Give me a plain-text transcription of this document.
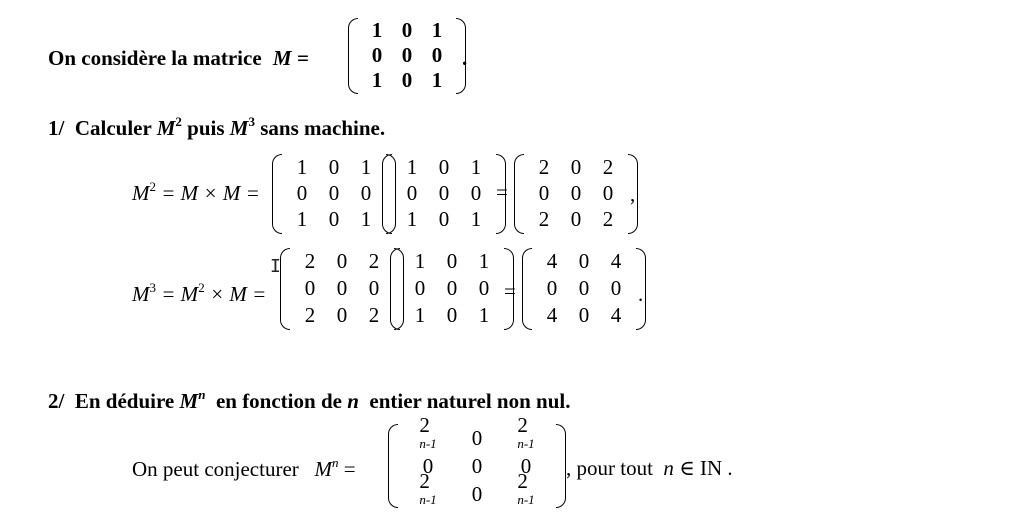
On considère la matrice M =
1 0 1
0 0 0
1 0 1
.
1/ Calculer $M^2$ puis $M^3$ sans machine.
$M^2 = M \times M$ =
1 0 1
0 0 0
1 0 1
1 0 1
0 0 0
1 0 1
=
2 0 2
0 0 0
2 0 2
,
$M^3 = M^2 \times M$ =
I 2 0 2
0 0 0
2 0 2
1 0 1
0 0 0
1 0 1
=
4 0 4
0 0 0
4 0 4
.
2/ En déduire $M^n$ en fonction de n entier naturel non nul.
On peut conjecturer $M^n$ =
2
$^{n-1}$ 0
2
$^{n-1}$
0 0 0
2
$^{n-1}$ 0
2
$^{n-1}$
, pour tout n ∈ IN .
